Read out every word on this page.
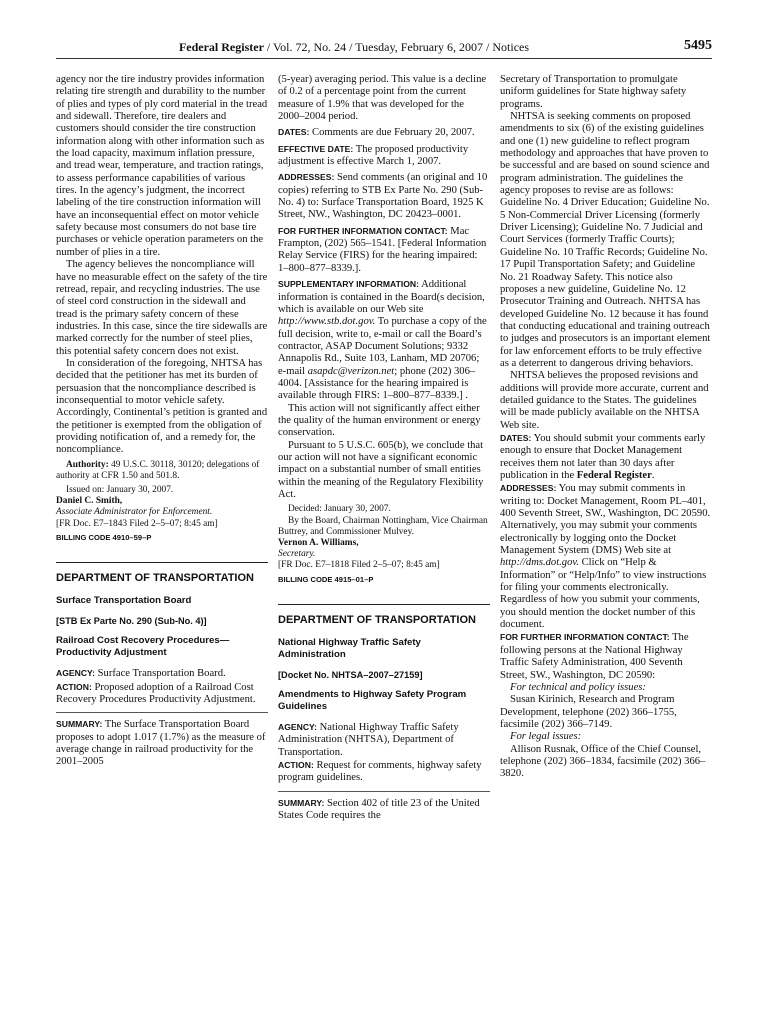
Federal Register / Vol. 72, No. 24 / Tuesday, February 6, 2007 / Notices	5495

agency nor the tire industry provides information relating tire strength and durability to the number of plies and types of ply cord material in the tread and sidewall. Therefore, tire dealers and customers should consider the tire construction information along with other information such as the load capacity, maximum inflation pressure, and tread wear, temperature, and traction ratings, to assess performance capabilities of various tires. In the agency’s judgment, the incorrect labeling of the tire construction information will have an inconsequential effect on motor vehicle safety because most consumers do not base tire purchases or vehicle operation parameters on the number of plies in a tire.

The agency believes the noncompliance will have no measurable effect on the safety of the tire retread, repair, and recycling industries. The use of steel cord construction in the sidewall and tread is the primary safety concern of these industries. In this case, since the tire sidewalls are marked correctly for the number of steel plies, this potential safety concern does not exist.

In consideration of the foregoing, NHTSA has decided that the petitioner has met its burden of persuasion that the noncompliance described is inconsequential to motor vehicle safety. Accordingly, Continental’s petition is granted and the petitioner is exempted from the obligation of providing notification of, and a remedy for, the noncompliance.

Authority: 49 U.S.C. 30118, 30120; delegations of authority at CFR 1.50 and 501.8.

Issued on: January 30, 2007.

Daniel C. Smith,

Associate Administrator for Enforcement.

[FR Doc. E7–1843 Filed 2–5–07; 8:45 am]

BILLING CODE 4910–59–P

DEPARTMENT OF TRANSPORTATION

Surface Transportation Board

[STB Ex Parte No. 290 (Sub-No. 4)]

Railroad Cost Recovery Procedures—Productivity Adjustment

AGENCY: Surface Transportation Board.

ACTION: Proposed adoption of a Railroad Cost Recovery Procedures Productivity Adjustment.

SUMMARY: The Surface Transportation Board proposes to adopt 1.017 (1.7%) as the measure of average change in railroad productivity for the 2001–2005

(5-year) averaging period. This value is a decline of 0.2 of a percentage point from the current measure of 1.9% that was developed for the 2000–2004 period.

DATES: Comments are due February 20, 2007.

EFFECTIVE DATE: The proposed productivity adjustment is effective March 1, 2007.

ADDRESSES: Send comments (an original and 10 copies) referring to STB Ex Parte No. 290 (Sub-No. 4) to: Surface Transportation Board, 1925 K Street, NW., Washington, DC 20423–0001.

FOR FURTHER INFORMATION CONTACT: Mac Frampton, (202) 565–1541. [Federal Information Relay Service (FIRS) for the hearing impaired: 1–800–877–8339.].

SUPPLEMENTARY INFORMATION: Additional information is contained in the Board(s decision, which is available on our Web site http://www.stb.dot.gov. To purchase a copy of the full decision, write to, e-mail or call the Board’s contractor, ASAP Document Solutions; 9332 Annapolis Rd., Suite 103, Lanham, MD 20706; e-mail asapdc@verizon.net; phone (202) 306–4004. [Assistance for the hearing impaired is available through FIRS: 1–800–877–8339.] .

This action will not significantly affect either the quality of the human environment or energy conservation.

Pursuant to 5 U.S.C. 605(b), we conclude that our action will not have a significant economic impact on a substantial number of small entities within the meaning of the Regulatory Flexibility Act.

Decided: January 30, 2007.

By the Board, Chairman Nottingham, Vice Chairman Buttrey, and Commissioner Mulvey.

Vernon A. Williams,

Secretary.

[FR Doc. E7–1818 Filed 2–5–07; 8:45 am]

BILLING CODE 4915–01–P

DEPARTMENT OF TRANSPORTATION

National Highway Traffic Safety Administration

[Docket No. NHTSA–2007–27159]

Amendments to Highway Safety Program Guidelines

AGENCY: National Highway Traffic Safety Administration (NHTSA), Department of Transportation.

ACTION: Request for comments, highway safety program guidelines.

SUMMARY: Section 402 of title 23 of the United States Code requires the

Secretary of Transportation to promulgate uniform guidelines for State highway safety programs.

NHTSA is seeking comments on proposed amendments to six (6) of the existing guidelines and one (1) new guideline to reflect program methodology and approaches that have proven to be successful and are based on sound science and program administration. The guidelines the agency proposes to revise are as follows: Guideline No. 4 Driver Education; Guideline No. 5 Non-Commercial Driver Licensing (formerly Driver Licensing); Guideline No. 7 Judicial and Court Services (formerly Traffic Courts); Guideline No. 10 Traffic Records; Guideline No. 17 Pupil Transportation Safety; and Guideline No. 21 Roadway Safety. This notice also proposes a new guideline, Guideline No. 12 Prosecutor Training and Outreach. NHTSA has developed Guideline No. 12 because it has found that conducting educational and training outreach to judges and prosecutors is an important element for law enforcement efforts to be truly effective as a deterrent to dangerous driving behaviors.

NHTSA believes the proposed revisions and additions will provide more accurate, current and detailed guidance to the States. The guidelines will be made publicly available on the NHTSA Web site.

DATES: You should submit your comments early enough to ensure that Docket Management receives them not later than 30 days after publication in the Federal Register.

ADDRESSES: You may submit comments in writing to: Docket Management, Room PL–401, 400 Seventh Street, SW., Washington, DC 20590. Alternatively, you may submit your comments electronically by logging onto the Docket Management System (DMS) Web site at http://dms.dot.gov. Click on “Help & Information” or “Help/Info” to view instructions for filing your comments electronically. Regardless of how you submit your comments, you should mention the docket number of this document.

FOR FURTHER INFORMATION CONTACT: The following persons at the National Highway Traffic Safety Administration, 400 Seventh Street, SW., Washington, DC 20590:

For technical and policy issues:

Susan Kirinich, Research and Program Development, telephone (202) 366–1755, facsimile (202) 366–7149.

For legal issues:

Allison Rusnak, Office of the Chief Counsel, telephone (202) 366–1834, facsimile (202) 366–3820.
